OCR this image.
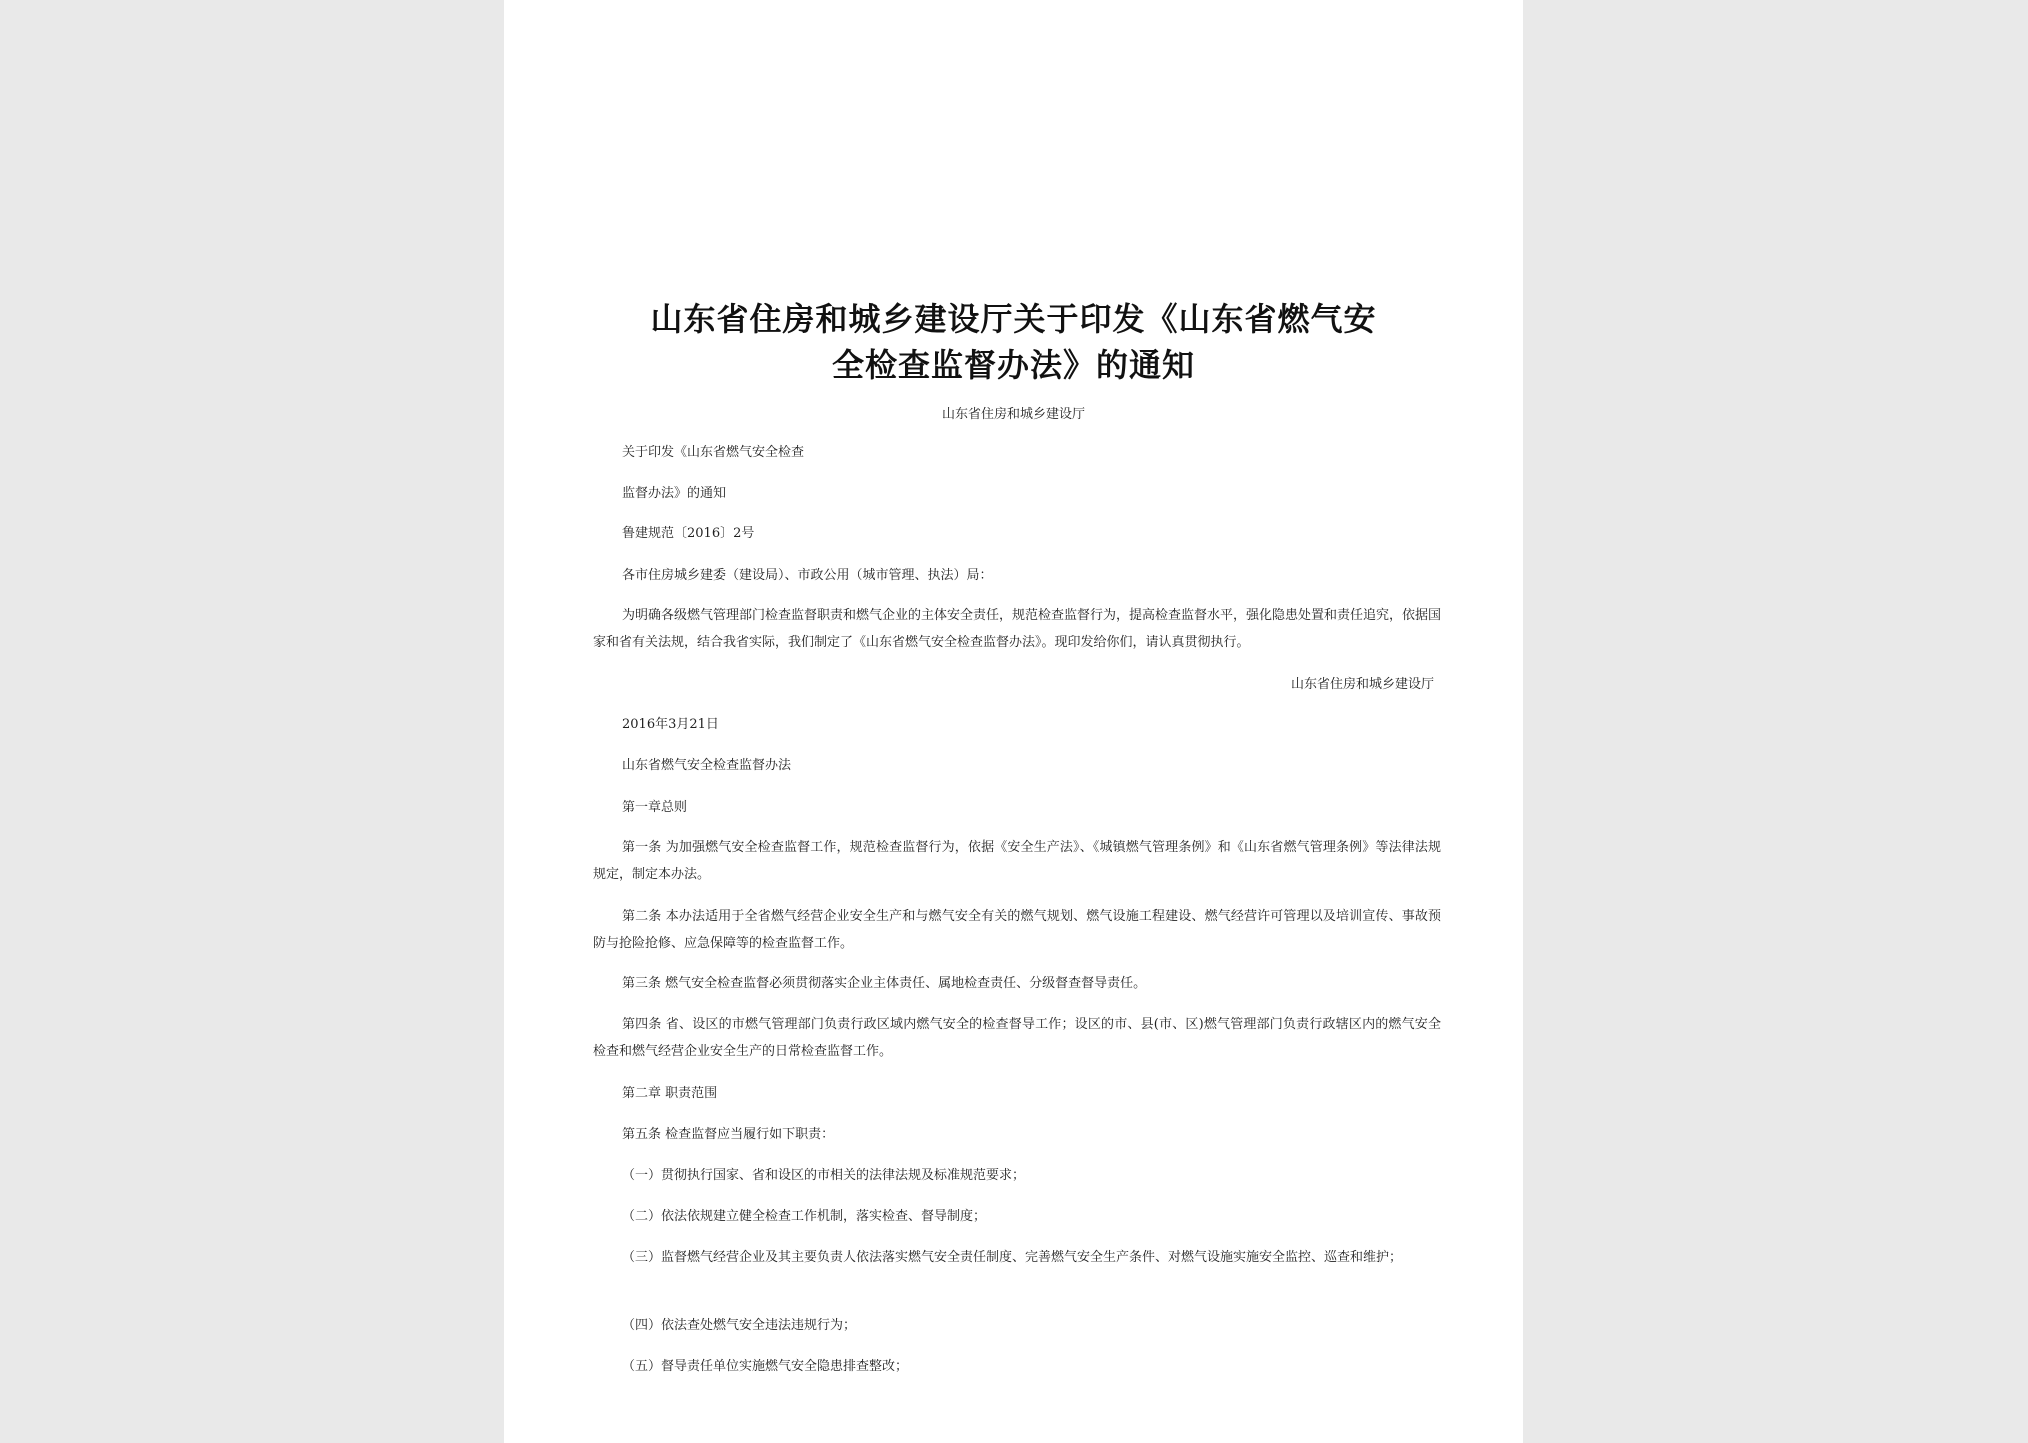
山东省住房和城乡建设厅关于印发《山东省燃气安
全检查监督办法》的通知
山东省住房和城乡建设厅
关于印发《山东省燃气安全检查
监督办法》的通知
鲁建规范〔2016〕2号
各市住房城乡建委（建设局）、市政公用（城市管理、执法）局：
为明确各级燃气管理部门检查监督职责和燃气企业的主体安全责任，规范检查监督行为，提高检查监督水平，强化隐患处置和责任追究，依据国家和省有关法规，结合我省实际，我们制定了《山东省燃气安全检查监督办法》。现印发给你们，请认真贯彻执行。
山东省住房和城乡建设厅
2016年3月21日
山东省燃气安全检查监督办法
第一章总则
第一条 为加强燃气安全检查监督工作，规范检查监督行为，依据《安全生产法》、《城镇燃气管理条例》和《山东省燃气管理条例》等法律法规规定，制定本办法。
第二条 本办法适用于全省燃气经营企业安全生产和与燃气安全有关的燃气规划、燃气设施工程建设、燃气经营许可管理以及培训宣传、事故预防与抢险抢修、应急保障等的检查监督工作。
第三条 燃气安全检查监督必须贯彻落实企业主体责任、属地检查责任、分级督查督导责任。
第四条 省、设区的市燃气管理部门负责行政区域内燃气安全的检查督导工作；设区的市、县(市、区)燃气管理部门负责行政辖区内的燃气安全检查和燃气经营企业安全生产的日常检查监督工作。
第二章 职责范围
第五条 检查监督应当履行如下职责：
（一）贯彻执行国家、省和设区的市相关的法律法规及标准规范要求；
（二）依法依规建立健全检查工作机制，落实检查、督导制度；
（三）监督燃气经营企业及其主要负责人依法落实燃气安全责任制度、完善燃气安全生产条件、对燃气设施实施安全监控、巡查和维护；
（四）依法查处燃气安全违法违规行为；
（五）督导责任单位实施燃气安全隐患排查整改；
